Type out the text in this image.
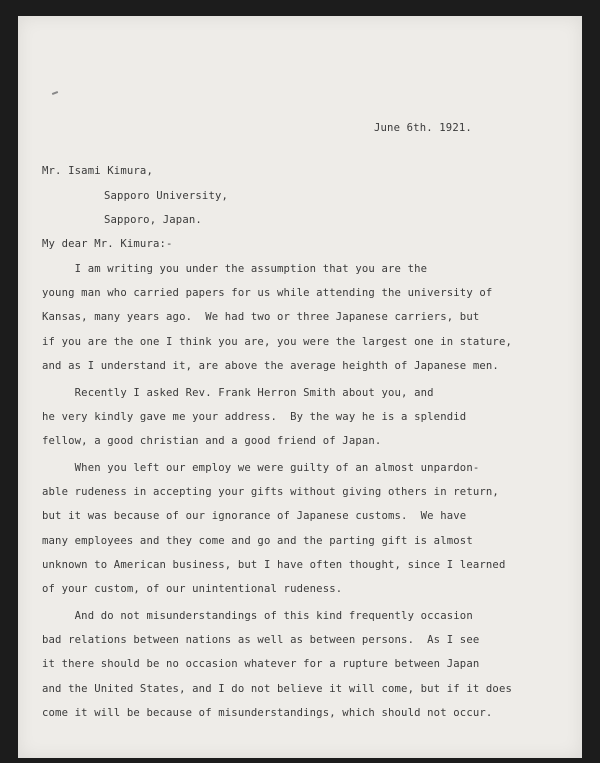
June 6th. 1921.
Mr. Isami Kimura,
Sapporo University,
Sapporo, Japan.
My dear Mr. Kimura:-
I am writing you under the assumption that you are the
young man who carried papers for us while attending the university of
Kansas, many years ago.  We had two or three Japanese carriers, but
if you are the one I think you are, you were the largest one in stature,
and as I understand it, are above the average heighth of Japanese men.
Recently I asked Rev. Frank Herron Smith about you, and
he very kindly gave me your address.  By the way he is a splendid
fellow, a good christian and a good friend of Japan.
When you left our employ we were guilty of an almost unpardon-
able rudeness in accepting your gifts without giving others in return,
but it was because of our ignorance of Japanese customs.  We have
many employees and they come and go and the parting gift is almost
unknown to American business, but I have often thought, since I learned
of your custom, of our unintentional rudeness.
And do not misunderstandings of this kind frequently occasion
bad relations between nations as well as between persons.  As I see
it there should be no occasion whatever for a rupture between Japan
and the United States, and I do not believe it will come, but if it does
come it will be because of misunderstandings, which should not occur.
